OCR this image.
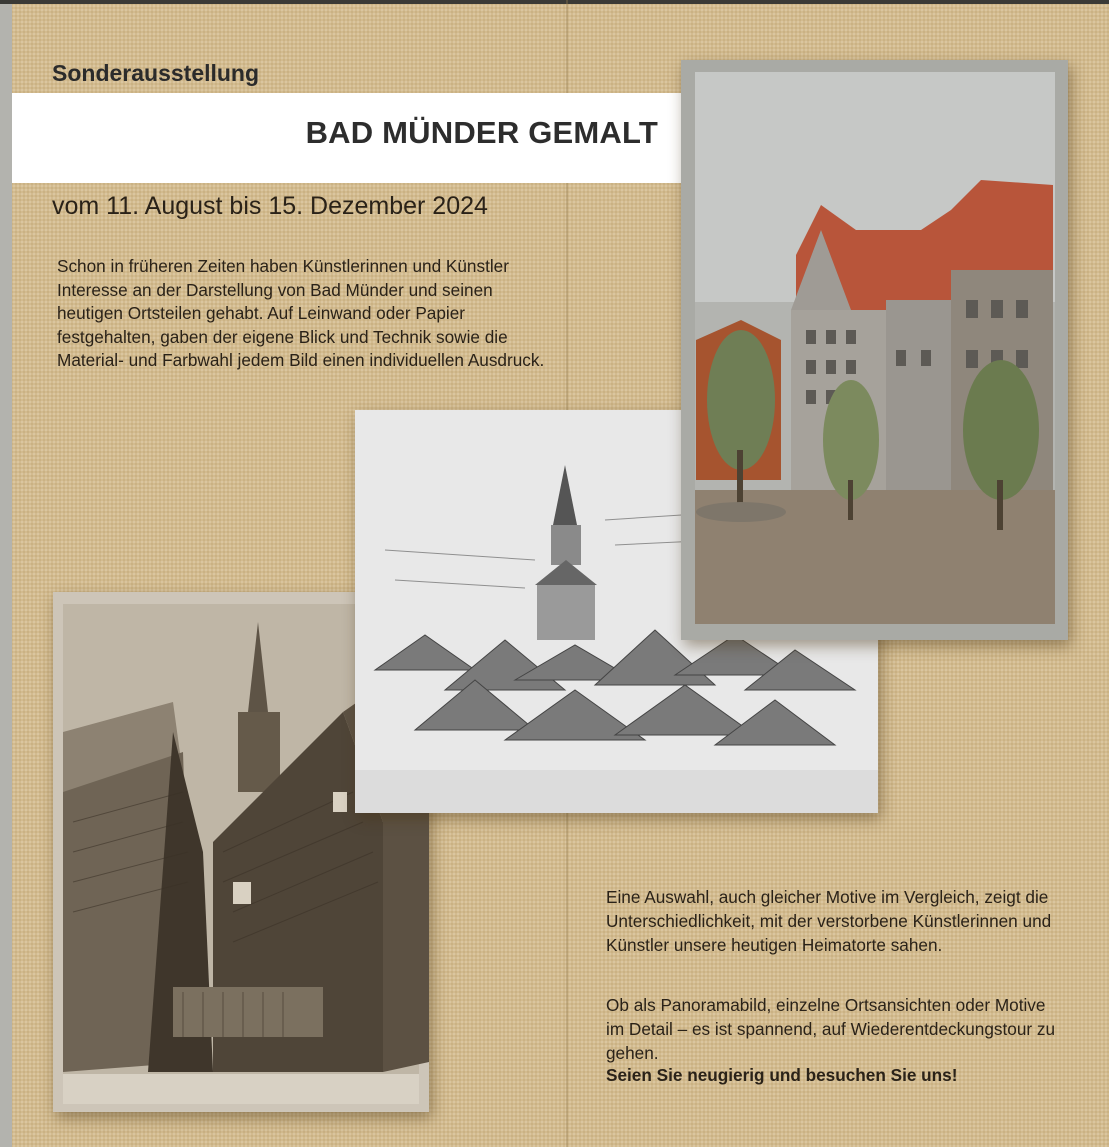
Sonderausstellung
BAD MÜNDER GEMALT

vom 11. August bis 15. Dezember 2024

Schon in früheren Zeiten haben Künstlerinnen und Künstler Interesse an der Darstellung von Bad Münder und seinen heutigen Ortsteilen gehabt. Auf Leinwand oder Papier festgehalten, gaben der eigene Blick und Technik sowie die Material- und Farbwahl jedem Bild einen individuellen Ausdruck.

Eine Auswahl, auch gleicher Motive im Vergleich, zeigt die Unterschiedlichkeit, mit der verstorbene Künstlerinnen und Künstler unsere heutigen Heimatorte sahen.

Ob als Panoramabild, einzelne Ortsansichten oder Motive im Detail – es ist spannend, auf Wiederentdeckungstour zu gehen.

Seien Sie neugierig und besuchen Sie uns!
